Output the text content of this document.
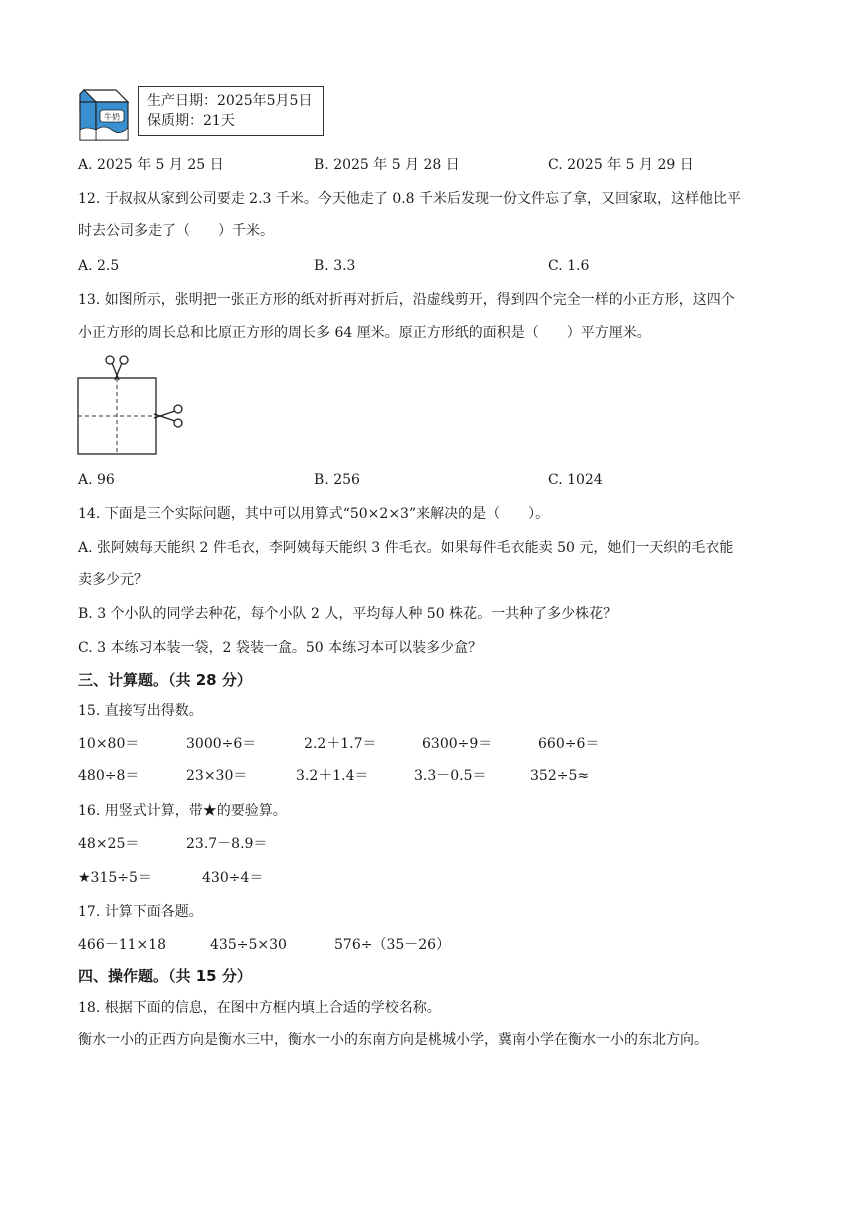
牛奶
生产日期：2025年5月5日
保质期：21天
A. 2025 年 5 月 25 日	B. 2025 年 5 月 28 日	C. 2025 年 5 月 29 日
12. 于叔叔从家到公司要走 2.3 千米。今天他走了 0.8 千米后发现一份文件忘了拿，又回家取，这样他比平
时去公司多走了（　　）千米。
A. 2.5	B. 3.3	C. 1.6
13. 如图所示，张明把一张正方形的纸对折再对折后，沿虚线剪开，得到四个完全一样的小正方形，这四个
小正方形的周长总和比原正方形的周长多 64 厘米。原正方形纸的面积是（　　）平方厘米。
A. 96	B. 256	C. 1024
14. 下面是三个实际问题，其中可以用算式“50×2×3”来解决的是（　　）。
A. 张阿姨每天能织 2 件毛衣，李阿姨每天能织 3 件毛衣。如果每件毛衣能卖 50 元，她们一天织的毛衣能
卖多少元？
B. 3 个小队的同学去种花，每个小队 2 人，平均每人种 50 株花。一共种了多少株花？
C. 3 本练习本装一袋，2 袋装一盒。50 本练习本可以装多少盒？
三、计算题。（共 28 分）
15. 直接写出得数。
10×80＝	3000÷6＝	2.2＋1.7＝	6300÷9＝	660÷6＝
480÷8＝	23×30＝	3.2＋1.4＝	3.3－0.5＝	352÷5≈
16. 用竖式计算，带★的要验算。
48×25＝	23.7－8.9＝
★315÷5＝	430÷4＝
17. 计算下面各题。
466－11×18	435÷5×30	576÷（35－26）
四、操作题。（共 15 分）
18. 根据下面的信息，在图中方框内填上合适的学校名称。
衡水一小的正西方向是衡水三中，衡水一小的东南方向是桃城小学，冀南小学在衡水一小的东北方向。
